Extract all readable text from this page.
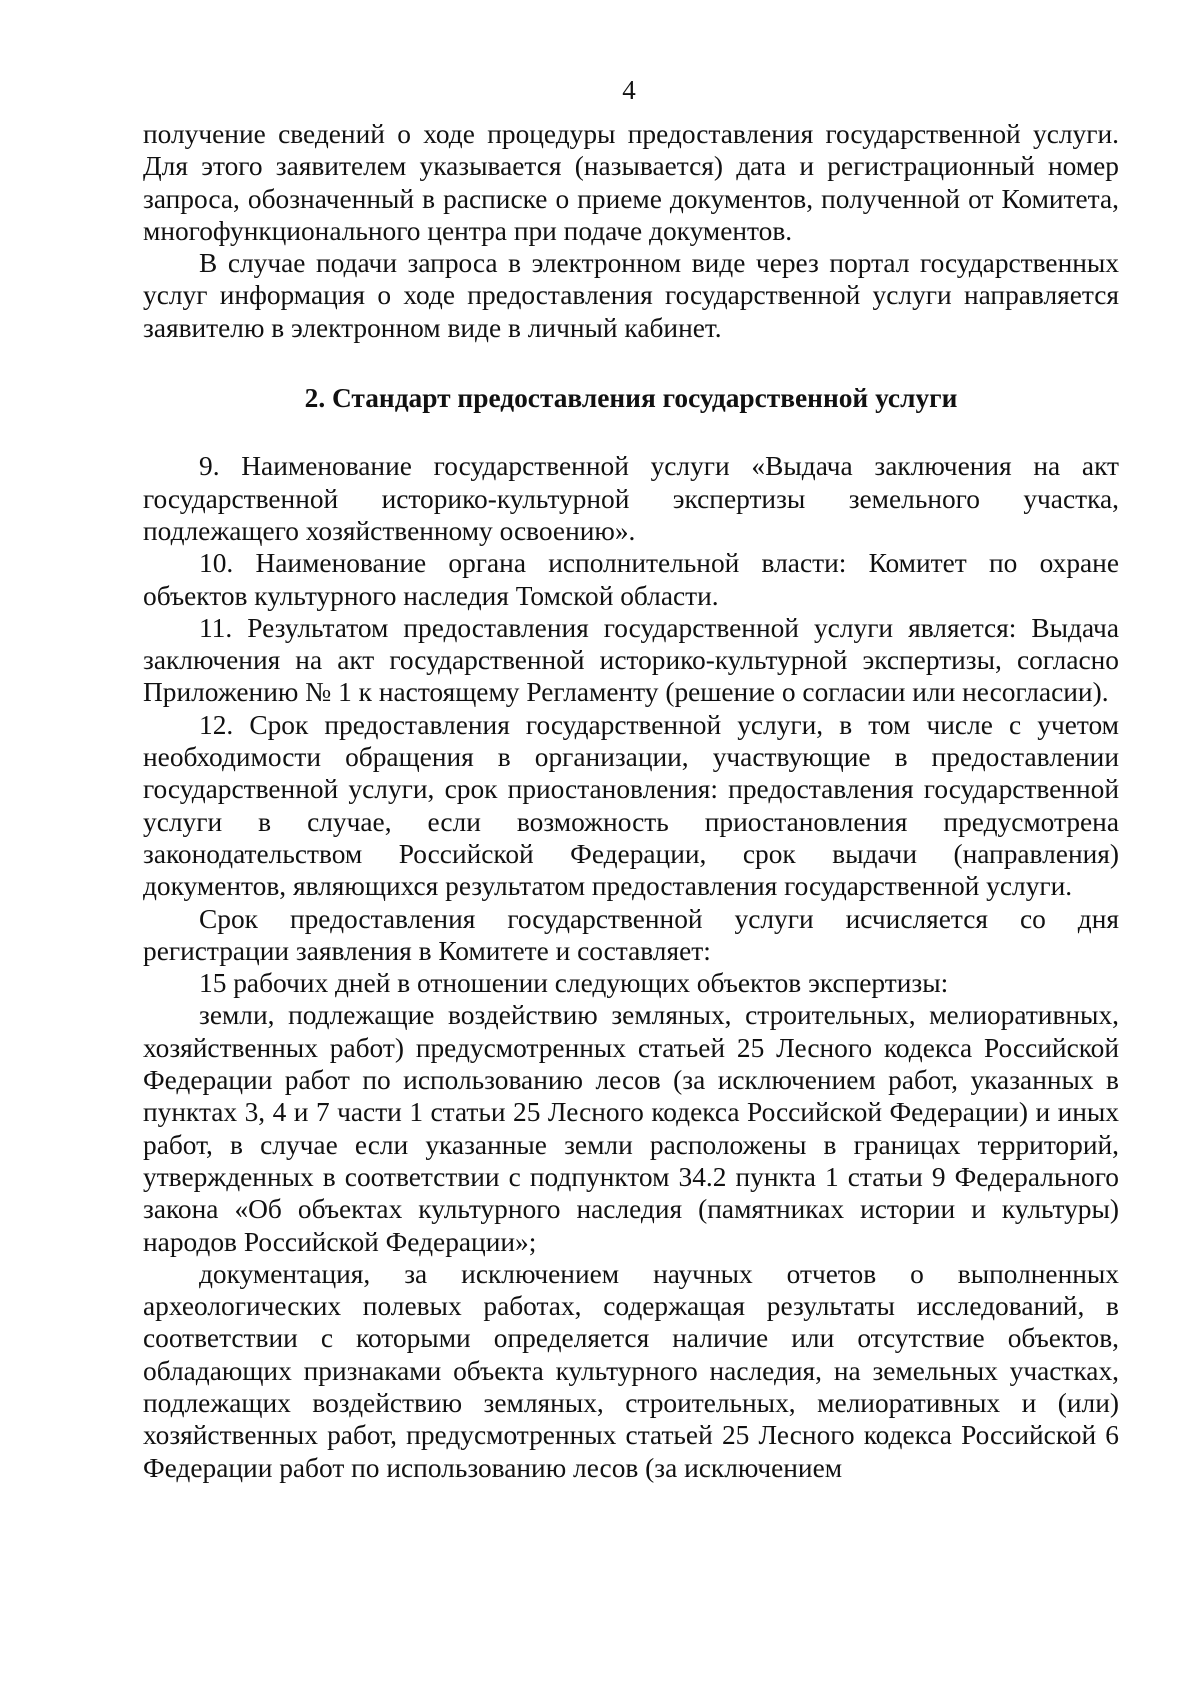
4

получение сведений о ходе процедуры предоставления государственной услуги. Для этого заявителем указывается (называется) дата и регистрационный номер запроса, обозначенный в расписке о приеме документов, полученной от Комитета, многофункционального центра при подаче документов.

В случае подачи запроса в электронном виде через портал государственных услуг информация о ходе предоставления государственной услуги направляется заявителю в электронном виде в личный кабинет.

2. Стандарт предоставления государственной услуги

9. Наименование государственной услуги «Выдача заключения на акт государственной историко-культурной экспертизы земельного участка, подлежащего хозяйственному освоению».

10. Наименование органа исполнительной власти: Комитет по охране объектов культурного наследия Томской области.

11. Результатом предоставления государственной услуги является: Выдача заключения на акт государственной историко-культурной экспертизы, согласно Приложению № 1 к настоящему Регламенту (решение о согласии или несогласии).

12. Срок предоставления государственной услуги, в том числе с учетом необходимости обращения в организации, участвующие в предоставлении государственной услуги, срок приостановления: предоставления государственной услуги в случае, если возможность приостановления предусмотрена законодательством Российской Федерации, срок выдачи (направления) документов, являющихся результатом предоставления государственной услуги.

Срок предоставления государственной услуги исчисляется со дня регистрации заявления в Комитете и составляет:

15 рабочих дней в отношении следующих объектов экспертизы:

земли, подлежащие воздействию земляных, строительных, мелиоративных, хозяйственных работ) предусмотренных статьей 25 Лесного кодекса Российской Федерации работ по использованию лесов (за исключением работ, указанных в пунктах 3, 4 и 7 части 1 статьи 25 Лесного кодекса Российской Федерации) и иных работ, в случае если указанные земли расположены в границах территорий, утвержденных в соответствии с подпунктом 34.2 пункта 1 статьи 9 Федерального закона «Об объектах культурного наследия (памятниках истории и культуры) народов Российской Федерации»;

документация, за исключением научных отчетов о выполненных археологических полевых работах, содержащая результаты исследований, в соответствии с которыми определяется наличие или отсутствие объектов, обладающих признаками объекта культурного наследия, на земельных участках, подлежащих воздействию земляных, строительных, мелиоративных и (или) хозяйственных работ, предусмотренных статьей 25 Лесного кодекса Российской 6 Федерации работ по использованию лесов (за исключением
